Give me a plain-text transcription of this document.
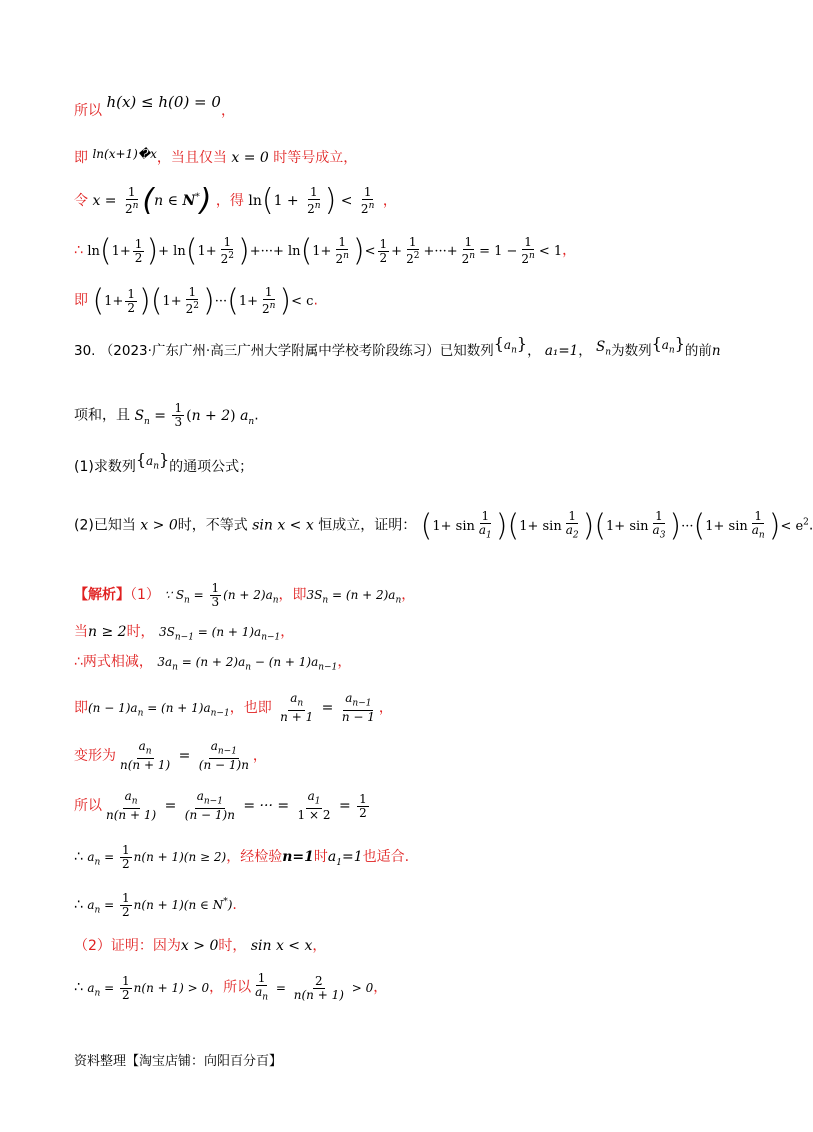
所以 h(x) ≤ h(0) = 0，
即 ln(x+1)�x，当且仅当 x = 0 时等号成立，
令 $x = \frac{1}{2^n} (n$ ∈ N*) ，得 $\ln(1 + \frac{1}{2^n}$ ) < $\frac{1}{2^n}$ ，
∴ $\ln(1+ \frac{1}{2}$ )+ $\ln(1+ \frac{1}{2^2}$ )+···+ $\ln(1+ \frac{1}{2^n}$ )< $\frac{1}{2} + \frac{1}{2^2}$ +···+ $\frac{1}{2^n} = 1 - \frac{1}{2^n} < 1$，
即 $(1+ \frac{1}{2} )(1+ \frac{1}{2^2} )\cdot\cdot\cdot(1+ \frac{1}{2^n}$ )< c.
30. （2023·广东广州·高三广州大学附属中学校考阶段练习）已知数列$\{a_n\}$， a₁=1， $S_n$为数列$\{a_n\}$的前n
项和，且 $S_n = \frac{1}{3} (n + 2)$ $a_n$.
(1)求数列$\{a_n\}$的通项公式；
(2)已知当 x > 0时，不等式 sin x < x 恒成立，证明： $(1+ \sin \frac{1}{a_1} )(1+ \sin \frac{1}{a_2} )(1+ \sin \frac{1}{a_3} )\cdot\cdot\cdot(1+ \sin \frac{1}{a_n}$ )< $e^2$.
【解析】（1） ∵ $S_n = \frac{1}{3} (n + 2)a_n$，即$3S_n = (n + 2)a_n$，
当n ≥ 2时， $3S_{n-1} = (n + 1)a_{n-1}$，
∴两式相减， $3a_n = (n + 2)a_n - (n + 1)a_{n-1}$，
即$(n - 1)a_n = (n + 1)a_{n-1}$，也即 $\frac{a_n}{n + 1} = \frac{a_{n-1}}{n - 1}$ ，
变形为 $\frac{a_n}{n(n + 1)} = \frac{a_{n-1}}{(n - 1)n}$ ，
所以 $\frac{a_n}{n(n + 1)} = \frac{a_{n-1}}{(n - 1)n}$ = ··· = $\frac{a_1}{1 \times 2} = \frac{1}{2}$
∴ $a_n = \frac{1}{2} n(n + 1)(n \ge 2)$，经检验n=1时$a_1=1$也适合.
∴ $a_n = \frac{1}{2} n(n + 1)(n$ ∈ N*).
（2）证明：因为x > 0时， sin x < x，
∴ $a_n = \frac{1}{2} n(n + 1) > 0$，所以 $\frac{1}{a_n} = \frac{2}{n(n + 1)} > 0$，
资料整理【淘宝店铺：向阳百分百】
